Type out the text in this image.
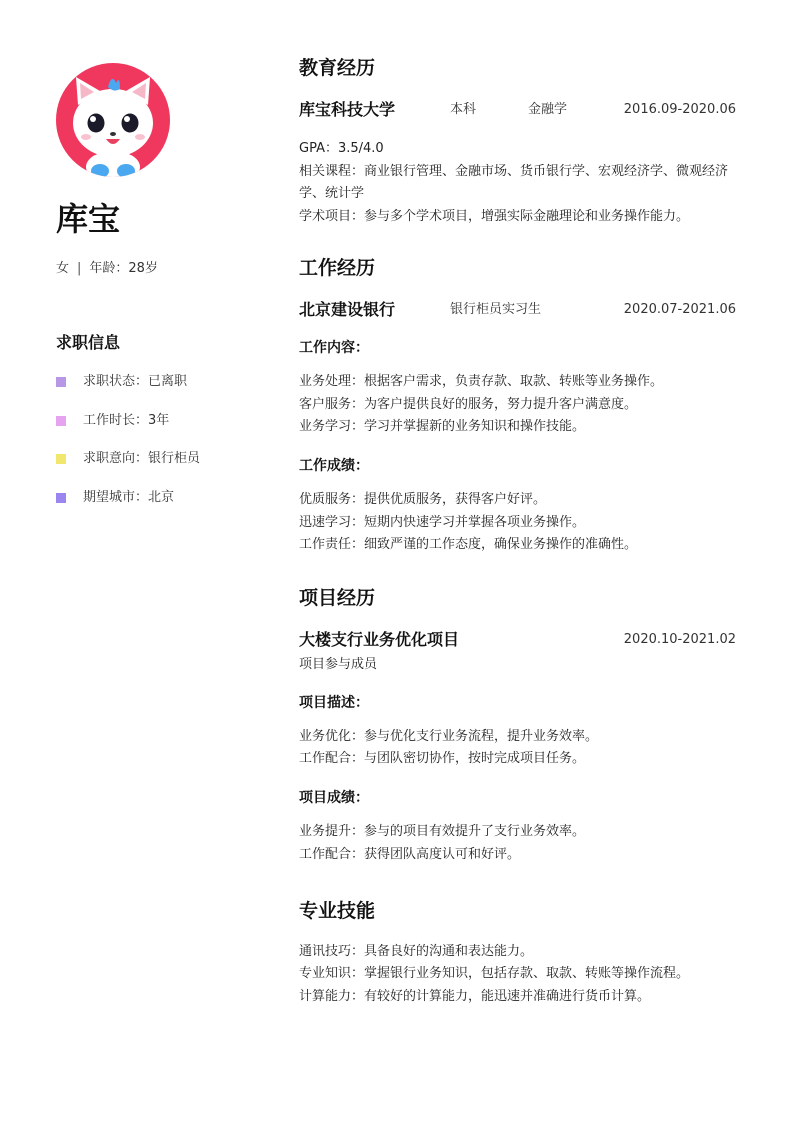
库宝
女 | 年龄：28岁
求职信息
求职状态：已离职
工作时长：3年
求职意向：银行柜员
期望城市：北京
教育经历
库宝科技大学	本科	金融学	2016.09-2020.06
GPA：3.5/4.0
相关课程：商业银行管理、金融市场、货币银行学、宏观经济学、微观经济学、统计学
学术项目：参与多个学术项目，增强实际金融理论和业务操作能力。
工作经历
北京建设银行	银行柜员实习生	2020.07-2021.06
工作内容：
业务处理：根据客户需求，负责存款、取款、转账等业务操作。
客户服务：为客户提供良好的服务，努力提升客户满意度。
业务学习：学习并掌握新的业务知识和操作技能。
工作成绩：
优质服务：提供优质服务，获得客户好评。
迅速学习：短期内快速学习并掌握各项业务操作。
工作责任：细致严谨的工作态度，确保业务操作的准确性。
项目经历
大楼支行业务优化项目	2020.10-2021.02
项目参与成员
项目描述：
业务优化：参与优化支行业务流程，提升业务效率。
工作配合：与团队密切协作，按时完成项目任务。
项目成绩：
业务提升：参与的项目有效提升了支行业务效率。
工作配合：获得团队高度认可和好评。
专业技能
通讯技巧：具备良好的沟通和表达能力。
专业知识：掌握银行业务知识，包括存款、取款、转账等操作流程。
计算能力：有较好的计算能力，能迅速并准确进行货币计算。
